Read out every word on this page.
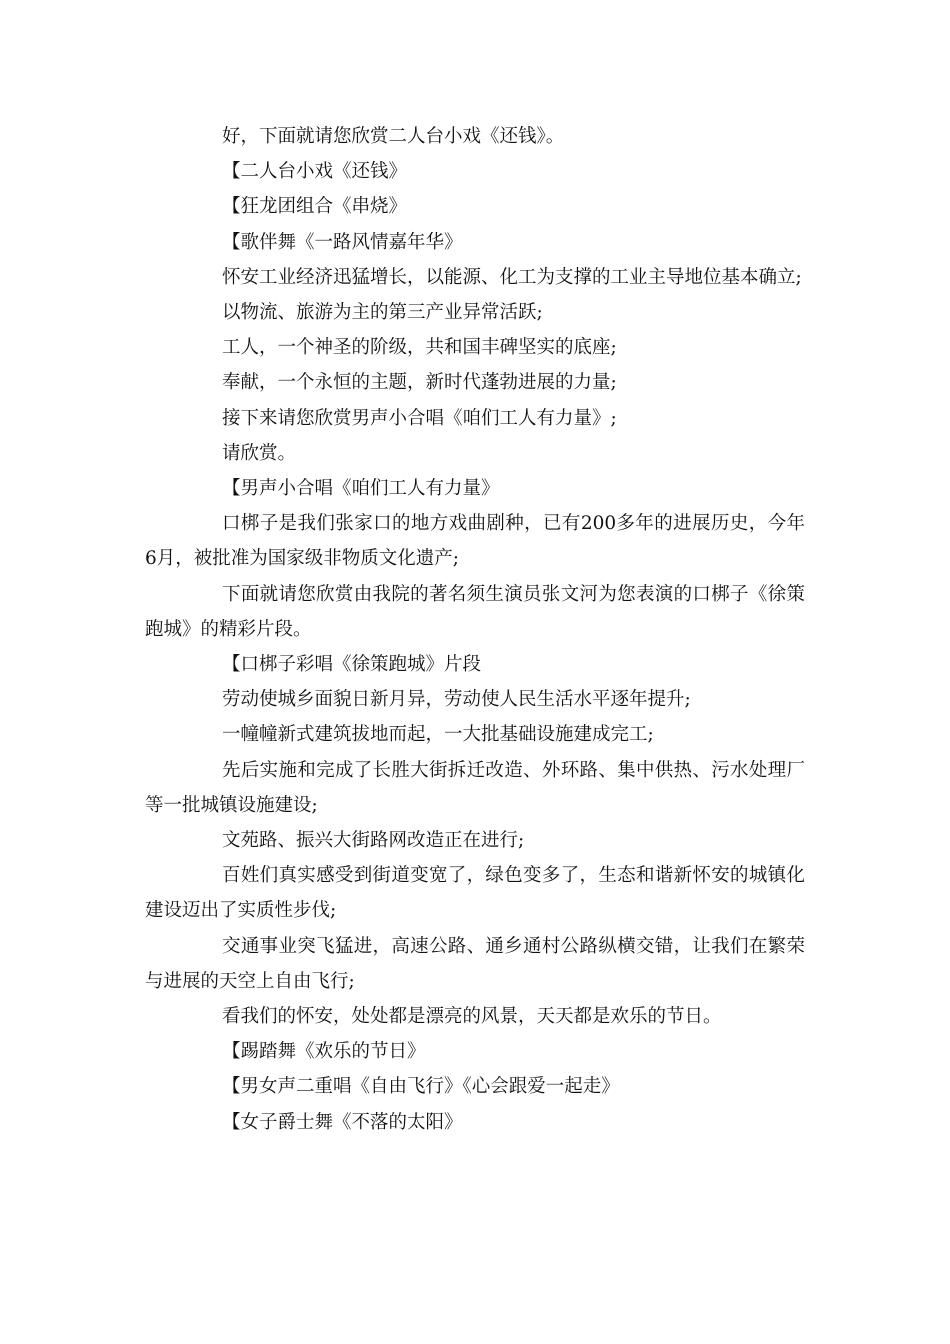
好，下面就请您欣赏二人台小戏《还钱》。

【二人台小戏《还钱》

【狂龙团组合《串烧》

【歌伴舞《一路风情嘉年华》

怀安工业经济迅猛增长，以能源、化工为支撑的工业主导地位基本确立;

以物流、旅游为主的第三产业异常活跃;

工人，一个神圣的阶级，共和国丰碑坚实的底座;

奉献，一个永恒的主题，新时代蓬勃进展的力量;

接下来请您欣赏男声小合唱《咱们工人有力量》;

请欣赏。

【男声小合唱《咱们工人有力量》

口梆子是我们张家口的地方戏曲剧种，已有200多年的进展历史，今年6月，被批准为国家级非物质文化遗产;

下面就请您欣赏由我院的著名须生演员张文河为您表演的口梆子《徐策跑城》的精彩片段。

【口梆子彩唱《徐策跑城》片段

劳动使城乡面貌日新月异，劳动使人民生活水平逐年提升;

一幢幢新式建筑拔地而起，一大批基础设施建成完工;

先后实施和完成了长胜大街拆迁改造、外环路、集中供热、污水处理厂等一批城镇设施建设;

文苑路、振兴大街路网改造正在进行;

百姓们真实感受到街道变宽了，绿色变多了，生态和谐新怀安的城镇化建设迈出了实质性步伐;

交通事业突飞猛进，高速公路、通乡通村公路纵横交错，让我们在繁荣与进展的天空上自由飞行;

看我们的怀安，处处都是漂亮的风景，天天都是欢乐的节日。

【踢踏舞《欢乐的节日》

【男女声二重唱《自由飞行》《心会跟爱一起走》

【女子爵士舞《不落的太阳》
